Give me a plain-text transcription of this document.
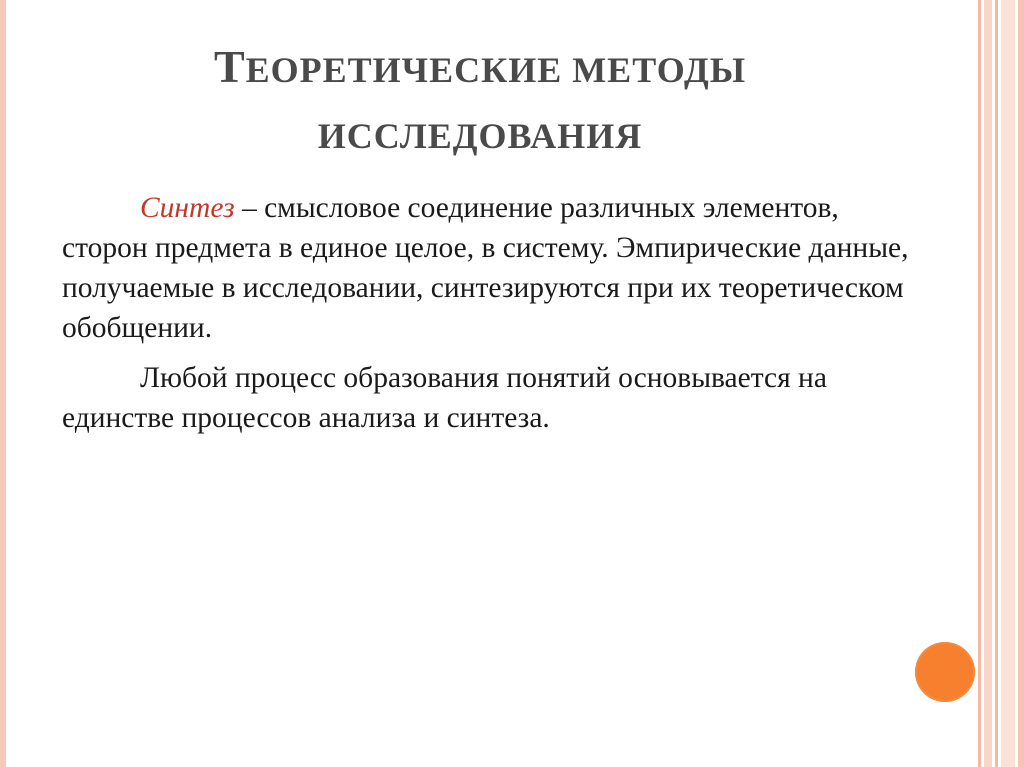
ТЕОРЕТИЧЕСКИЕ МЕТОДЫ
ИССЛЕДОВАНИЯ

Синтез – смысловое соединение различных элементов, сторон предмета в единое целое, в систему. Эмпирические данные, получаемые в исследовании, синтезируются при их теоретическом обобщении.

Любой процесс образования понятий основывается на единстве процессов анализа и синтеза.
